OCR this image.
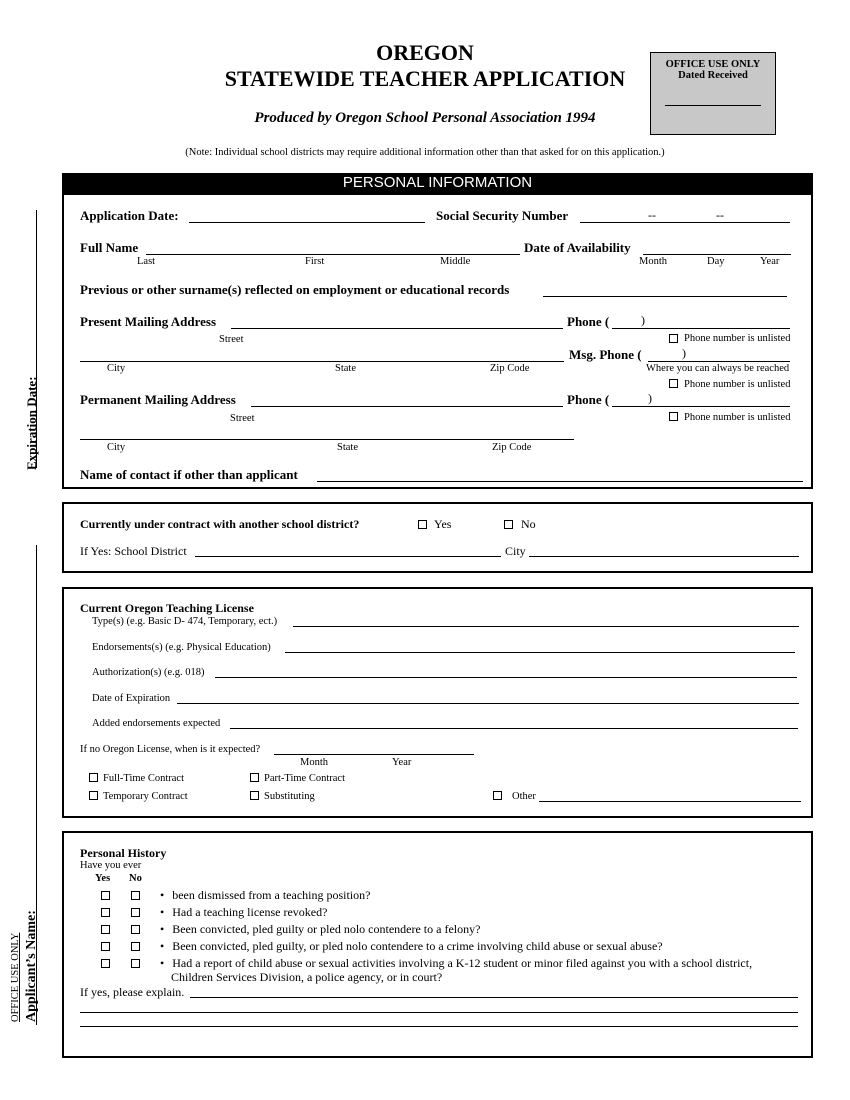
OREGON
STATEWIDE TEACHER APPLICATION
Produced by Oregon School Personal Association 1994
(Note: Individual school districts may require additional information other than that asked for on this application.)
OFFICE USE ONLY
Dated Received
Expiration Date:
OFFICE USE ONLY Applicant’s Name:
PERSONAL INFORMATION
Application Date:	Social Security Number	--	--
Full Name	Date of Availability
Last	First	Middle	Month	Day	Year
Previous or other surname(s) reflected on employment or educational records
Present Mailing Address	Phone (	)
Street	Phone number is unlisted
Msg. Phone (	)
City	State	Zip Code	Where you can always be reached
Phone number is unlisted
Permanent Mailing Address	Phone (	)
Street	Phone number is unlisted
City	State	Zip Code
Name of contact if other than applicant
Currently under contract with another school district?	Yes	No
If Yes: School District	City
Current Oregon Teaching License
Type(s) (e.g. Basic D- 474, Temporary, ect.)
Endorsements(s) (e.g. Physical Education)
Authorization(s) (e.g. 018)
Date of Expiration
Added endorsements expected
If no Oregon License, when is it expected?
Month	Year
Full-Time Contract	Part-Time Contract
Temporary Contract	Substituting	Other
Personal History
Have you ever
Yes No
• been dismissed from a teaching position?
• Had a teaching license revoked?
• Been convicted, pled guilty or pled nolo contendere to a felony?
• Been convicted, pled guilty, or pled nolo contendere to a crime involving child abuse or sexual abuse?
• Had a report of child abuse or sexual activities involving a K-12 student or minor filed against you with a school district,
Children Services Division, a police agency, or in court?
If yes, please explain.
